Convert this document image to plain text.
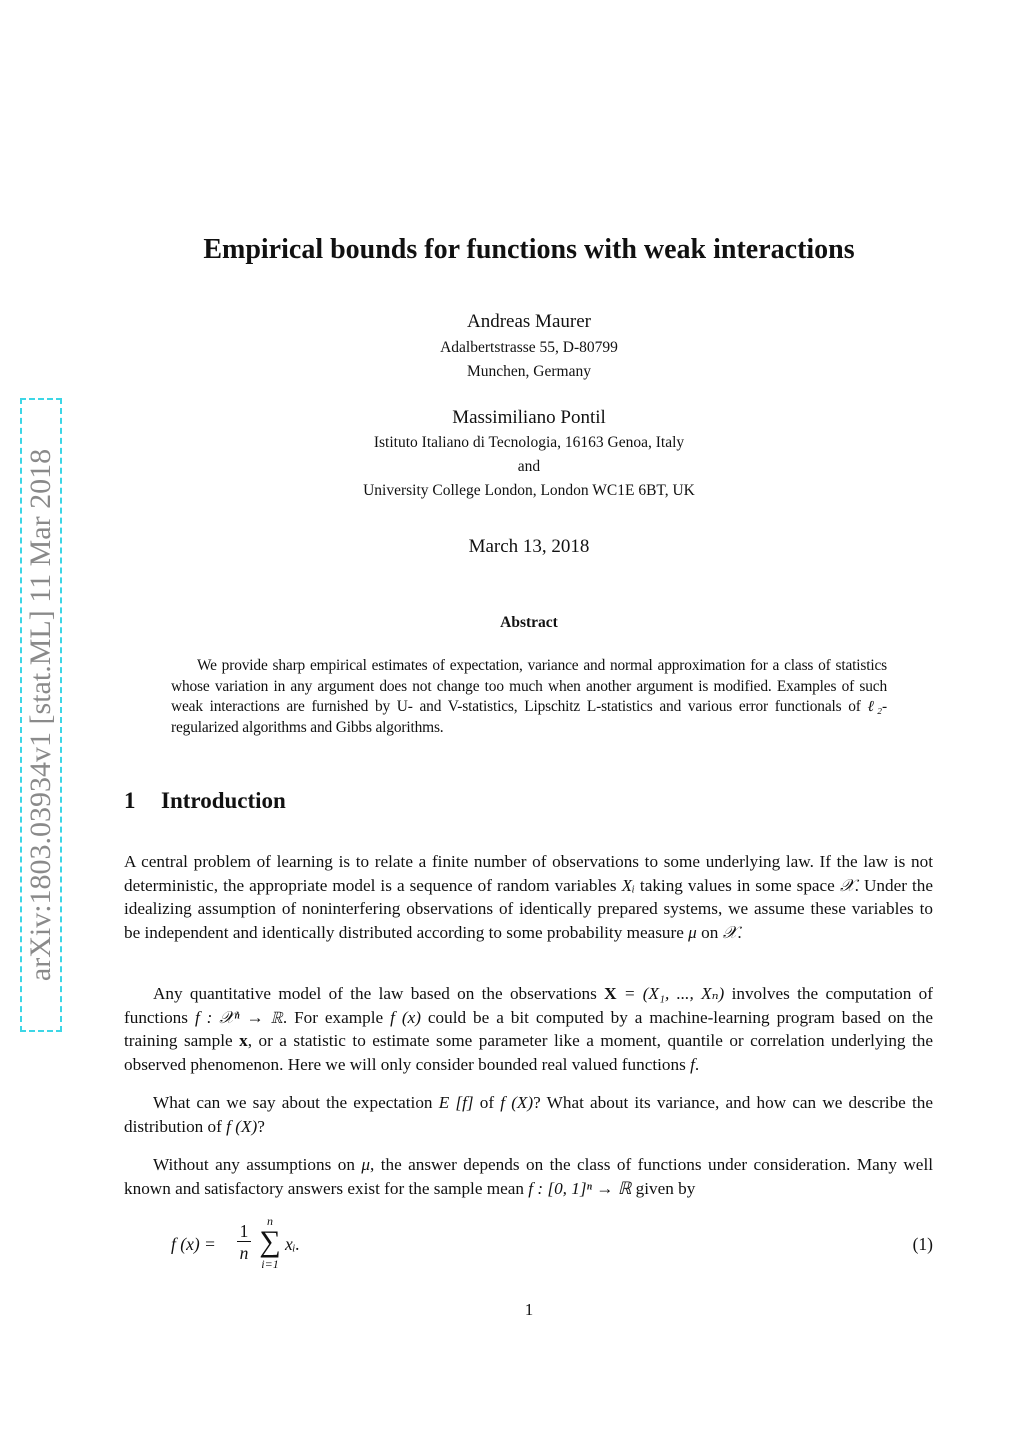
arXiv:1803.03934v1 [stat.ML] 11 Mar 2018
Empirical bounds for functions with weak interactions
Andreas Maurer
Adalbertstrasse 55, D-80799
Munchen, Germany
Massimiliano Pontil
Istituto Italiano di Tecnologia, 16163 Genoa, Italy
and
University College London, London WC1E 6BT, UK
March 13, 2018
Abstract
We provide sharp empirical estimates of expectation, variance and normal approximation for a class of statistics whose variation in any argument does not change too much when another argument is modified. Examples of such weak interactions are furnished by U- and V-statistics, Lipschitz L-statistics and various error functionals of ℓ₂-regularized algorithms and Gibbs algorithms.
1 Introduction
A central problem of learning is to relate a finite number of observations to some underlying law. If the law is not deterministic, the appropriate model is a sequence of random variables Xᵢ taking values in some space 𝒳. Under the idealizing assumption of noninterfering observations of identically prepared systems, we assume these variables to be independent and identically distributed according to some probability measure μ on 𝒳.
Any quantitative model of the law based on the observations X = (X₁, ..., Xₙ) involves the computation of functions f : 𝒳ⁿ → ℝ. For example f (x) could be a bit computed by a machine-learning program based on the training sample x, or a statistic to estimate some parameter like a moment, quantile or correlation underlying the observed phenomenon. Here we will only consider bounded real valued functions f.
What can we say about the expectation E [f] of f (X)? What about its variance, and how can we describe the distribution of f (X)?
Without any assumptions on μ, the answer depends on the class of functions under consideration. Many well known and satisfactory answers exist for the sample mean f : [0, 1]ⁿ → ℝ given by
f (x) =
1
n
n
∑
i=1
xᵢ.	(1)
1
